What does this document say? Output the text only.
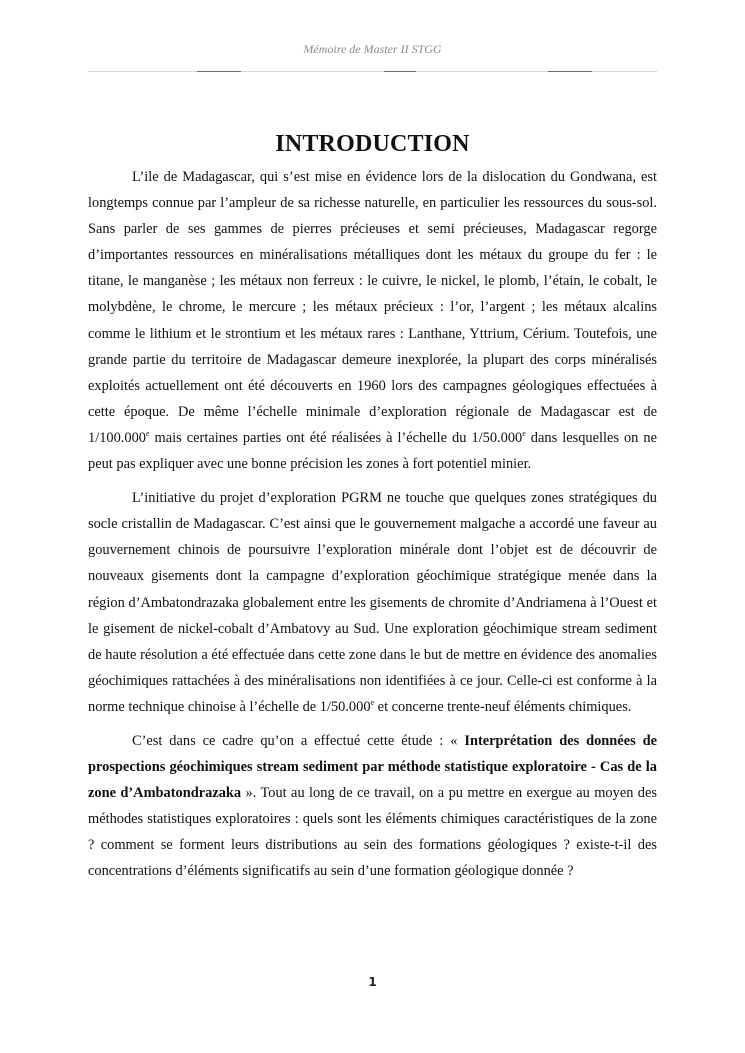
Mémoire de Master II STGG
INTRODUCTION

L’ile de Madagascar, qui s’est mise en évidence lors de la dislocation du Gondwana, est longtemps connue par l’ampleur de sa richesse naturelle, en particulier les ressources du sous-sol. Sans parler de ses gammes de pierres précieuses et semi précieuses, Madagascar regorge d’importantes ressources en minéralisations métalliques dont les métaux du groupe du fer : le titane, le manganèse ; les métaux non ferreux : le cuivre, le nickel, le plomb, l’étain, le cobalt, le molybdène, le chrome, le mercure ; les métaux précieux : l’or, l’argent ; les métaux alcalins comme le lithium et le strontium et les métaux rares : Lanthane, Yttrium, Cérium. Toutefois, une grande partie du territoire de Madagascar demeure inexplorée, la plupart des corps minéralisés exploités actuellement ont été découverts en 1960 lors des campagnes géologiques effectuées à cette époque. De même l’échelle minimale d’exploration régionale de Madagascar est de 1/100.000e mais certaines parties ont été réalisées à l’échelle du 1/50.000e dans lesquelles on ne peut pas expliquer avec une bonne précision les zones à fort potentiel minier.

L’initiative du projet d’exploration PGRM ne touche que quelques zones stratégiques du socle cristallin de Madagascar. C’est ainsi que le gouvernement malgache a accordé une faveur au gouvernement chinois de poursuivre l’exploration minérale dont l’objet est de découvrir de nouveaux gisements dont la campagne d’exploration géochimique stratégique menée dans la région d’Ambatondrazaka globalement entre les gisements de chromite d’Andriamena à l’Ouest et le gisement de nickel-cobalt d’Ambatovy au Sud. Une exploration géochimique stream sediment de haute résolution a été effectuée dans cette zone dans le but de mettre en évidence des anomalies géochimiques rattachées à des minéralisations non identifiées à ce jour. Celle-ci est conforme à la norme technique chinoise à l’échelle de 1/50.000e et concerne trente-neuf éléments chimiques.

C’est dans ce cadre qu’on a effectué cette étude : « Interprétation des données de prospections géochimiques stream sediment par méthode statistique exploratoire - Cas de la zone d’Ambatondrazaka ». Tout au long de ce travail, on a pu mettre en exergue au moyen des méthodes statistiques exploratoires : quels sont les éléments chimiques caractéristiques de la zone ? comment se forment leurs distributions au sein des formations géologiques ? existe-t-il des concentrations d’éléments significatifs au sein d’une formation géologique donnée ?

1
